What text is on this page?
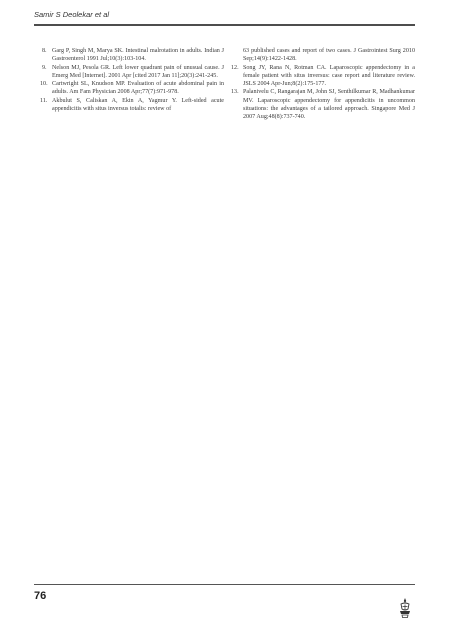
Samir S Deolekar et al

8. Garg P, Singh M, Marya SK. Intestinal malrotation in adults. Indian J Gastroenterol 1991 Jul;10(3):103-104.

9. Nelson MJ, Pesola GR. Left lower quadrant pain of unusual cause. J Emerg Med [Internet]. 2001 Apr [cited 2017 Jan 11];20(3):241-245.

10. Cartwright SL, Knudson MP. Evaluation of acute abdominal pain in adults. Am Fam Physician 2008 Apr;77(7):971-978.

11. Akbulut S, Caliskan A, Ekin A, Yagmur Y. Left-sided acute appendicitis with situs inversus totalis: review of

63 published cases and report of two cases. J Gastrointest Surg 2010 Sep;14(9):1422-1428.

12. Song JY, Rana N, Rotman CA. Laparoscopic appendectomy in a female patient with situs inversus: case report and literature review. JSLS 2004 Apr-Jun;8(2):175-177.

13. Palanivelu C, Rangarajan M, John SJ, Senthilkumar R, Madhankumar MV. Laparoscopic appendectomy for appendicitis in uncommon situations: the advantages of a tailored approach. Singapore Med J 2007 Aug;48(8):737-740.

76
